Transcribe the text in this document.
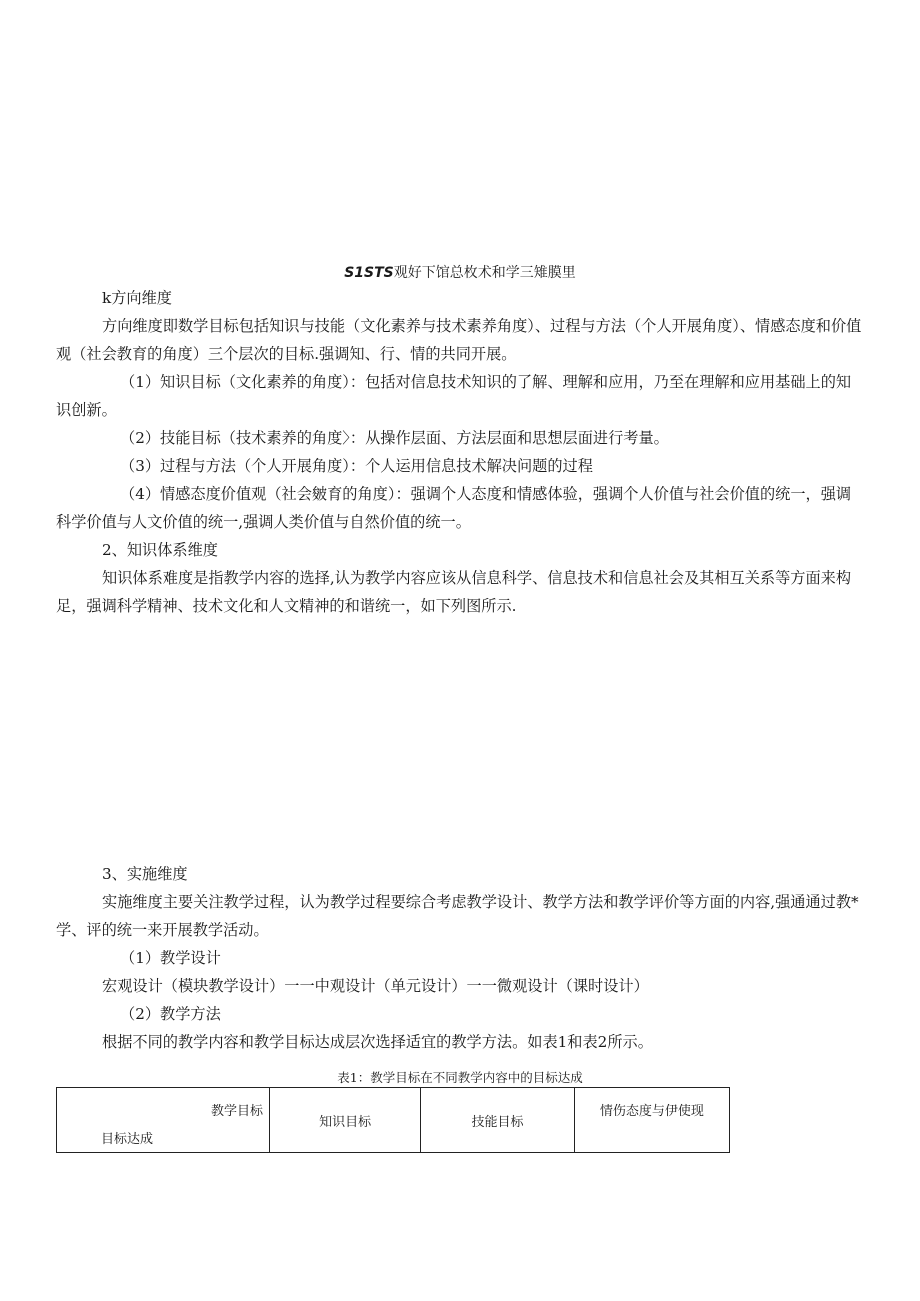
S1STS观好下馆总枚术和学三雉膜里

k方向维度

方向维度即数学目标包括知识与技能（文化素养与技术素养角度）、过程与方法（个人开展角度）、情感态度和价值观（社会教育的角度）三个层次的目标.强调知、行、情的共同开展。

（1）知识目标（文化素养的角度）：包括对信息技术知识的了解、理解和应用，乃至在理解和应用基础上的知识创新。

（2）技能目标（技术素养的角度〉：从操作层面、方法层面和思想层面进行考量。

（3）过程与方法（个人开展角度）：个人运用信息技术解决问题的过程

（4）情感态度价值观（社会皴育的角度）：强调个人态度和情感体验，强调个人价值与社会价值的统一，强调科学价值与人文价值的统一,强调人类价值与自然价值的统一。

2、知识体系维度

知识体系难度是指教学内容的选择,认为教学内容应该从信息科学、信息技术和信息社会及其相互关系等方面来构足，强调科学精神、技术文化和人文精神的和谐统一，如下列图所示.

3、实施维度

实施维度主要关注教学过程，认为教学过程要综合考虑教学设计、教学方法和教学评价等方面的内容,强通通过教*学、评的统一来开展教学活动。

（1）教学设计

宏观设计（模块教学设计）一一中观设计（单元设计）一一微观设计（课时设计）

（2）教学方法

根据不同的教学内容和教学目标达成层次选择适宜的教学方法。如表1和表2所示。

表1：教学目标在不同教学内容中的目标达成
教学目标
目标达成
	知识目标	技能目标	情伤态度与伊使现
